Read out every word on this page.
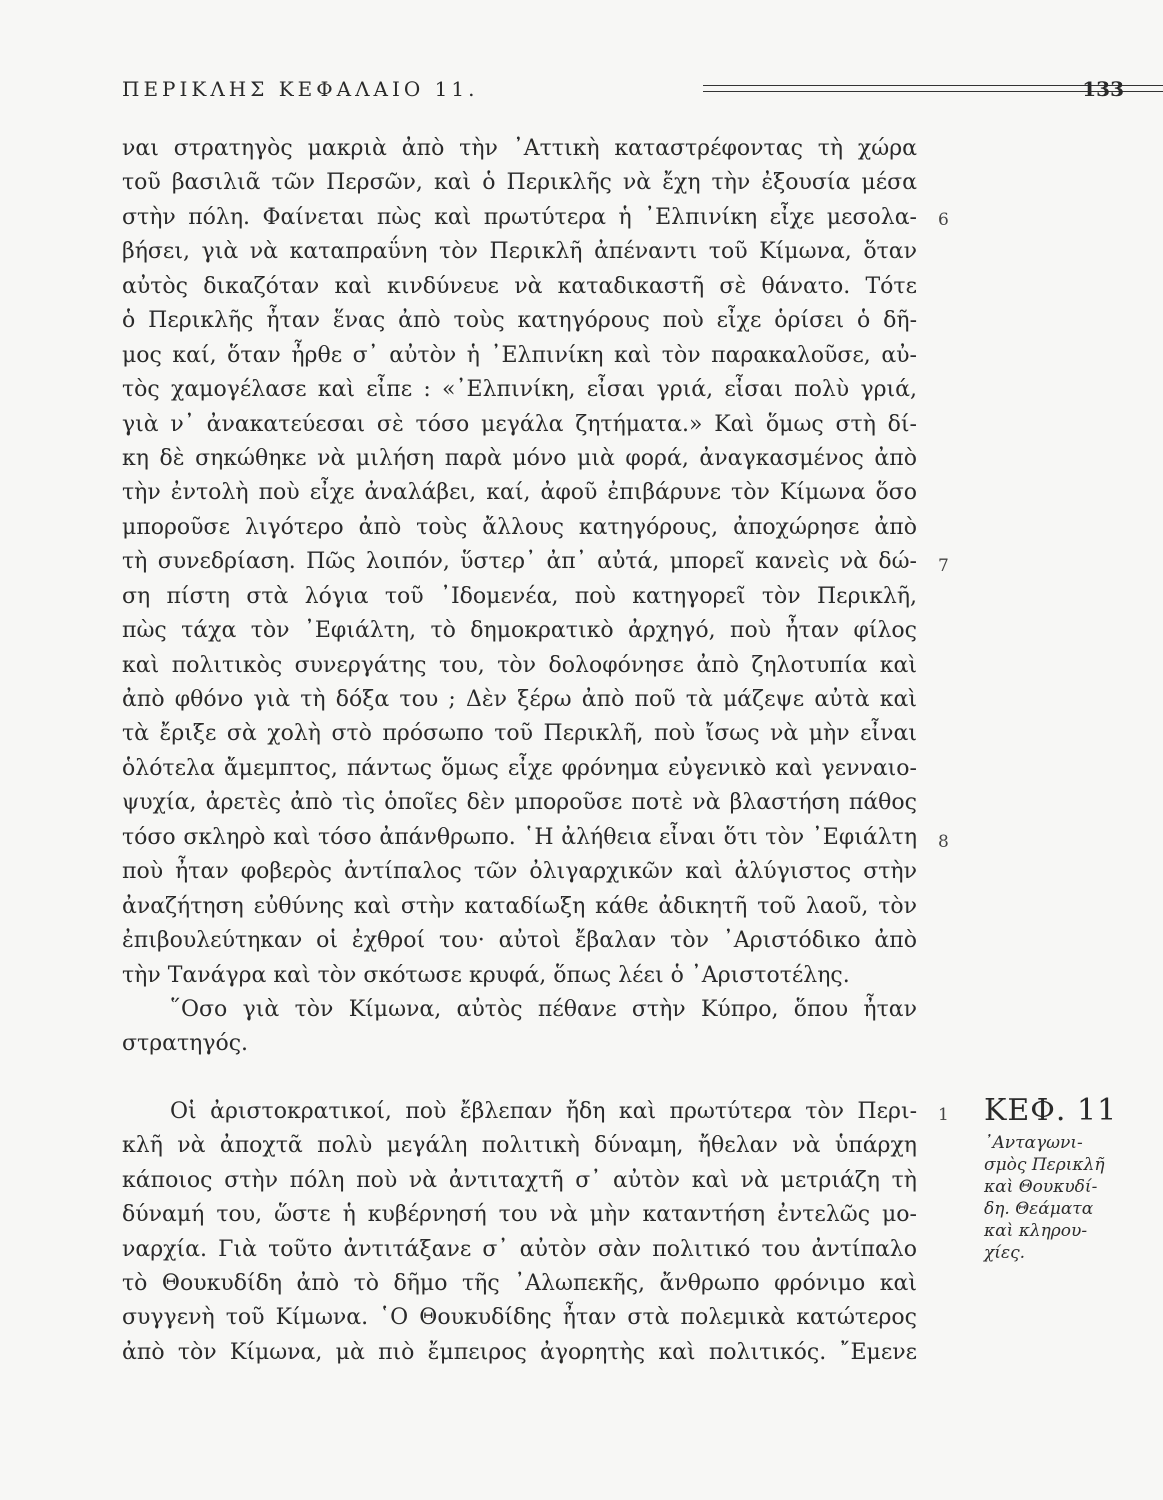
ΠΕΡΙΚΛΗΣ ΚΕΦΑΛΑΙΟ 11.	133
ναι στρατηγὸς μακριὰ ἀπὸ τὴν ᾿Αττικὴ καταστρέφοντας τὴ χώρα
τοῦ βασιλιᾶ τῶν Περσῶν, καὶ ὁ Περικλῆς νὰ ἔχη τὴν ἐξουσία μέσα
στὴν πόλη. Φαίνεται πὼς καὶ πρωτύτερα ἡ ᾿Ελπινίκη εἶχε μεσολα-
βήσει, γιὰ νὰ καταπραΰνη τὸν Περικλῆ ἀπέναντι τοῦ Κίμωνα, ὅταν
αὐτὸς δικαζόταν καὶ κινδύνευε νὰ καταδικαστῆ σὲ θάνατο. Τότε
ὁ Περικλῆς ἦταν ἕνας ἀπὸ τοὺς κατηγόρους ποὺ εἶχε ὁρίσει ὁ δῆ-
μος καί, ὅταν ἦρθε σ᾿ αὐτὸν ἡ ᾿Ελπινίκη καὶ τὸν παρακαλοῦσε, αὐ-
τὸς χαμογέλασε καὶ εἶπε : «᾿Ελπινίκη, εἶσαι γριά, εἶσαι πολὺ γριά,
γιὰ ν᾿ ἀνακατεύεσαι σὲ τόσο μεγάλα ζητήματα.» Καὶ ὅμως στὴ δί-
κη δὲ σηκώθηκε νὰ μιλήση παρὰ μόνο μιὰ φορά, ἀναγκασμένος ἀπὸ
τὴν ἐντολὴ ποὺ εἶχε ἀναλάβει, καί, ἀφοῦ ἐπιβάρυνε τὸν Κίμωνα ὅσο
μποροῦσε λιγότερο ἀπὸ τοὺς ἄλλους κατηγόρους, ἀποχώρησε ἀπὸ
τὴ συνεδρίαση. Πῶς λοιπόν, ὕστερ᾿ ἀπ᾿ αὐτά, μπορεῖ κανεὶς νὰ δώ-
ση πίστη στὰ λόγια τοῦ ᾿Ιδομενέα, ποὺ κατηγορεῖ τὸν Περικλῆ,
πὼς τάχα τὸν ᾿Εφιάλτη, τὸ δημοκρατικὸ ἀρχηγό, ποὺ ἦταν φίλος
καὶ πολιτικὸς συνεργάτης του, τὸν δολοφόνησε ἀπὸ ζηλοτυπία καὶ
ἀπὸ φθόνο γιὰ τὴ δόξα του ; Δὲν ξέρω ἀπὸ ποῦ τὰ μάζεψε αὐτὰ καὶ
τὰ ἔριξε σὰ χολὴ στὸ πρόσωπο τοῦ Περικλῆ, ποὺ ἴσως νὰ μὴν εἶναι
ὁλότελα ἄμεμπτος, πάντως ὅμως εἶχε φρόνημα εὐγενικὸ καὶ γενναιο-
ψυχία, ἀρετὲς ἀπὸ τὶς ὁποῖες δὲν μποροῦσε ποτὲ νὰ βλαστήση πάθος
τόσο σκληρὸ καὶ τόσο ἀπάνθρωπο. ῾Η ἀλήθεια εἶναι ὅτι τὸν ᾿Εφιάλτη
ποὺ ἦταν φοβερὸς ἀντίπαλος τῶν ὀλιγαρχικῶν καὶ ἀλύγιστος στὴν
ἀναζήτηση εὐθύνης καὶ στὴν καταδίωξη κάθε ἀδικητῆ τοῦ λαοῦ, τὸν
ἐπιβουλεύτηκαν οἱ ἐχθροί του· αὐτοὶ ἔβαλαν τὸν ᾿Αριστόδικο ἀπὸ
τὴν Τανάγρα καὶ τὸν σκότωσε κρυφά, ὅπως λέει ὁ ᾿Αριστοτέλης.
῞Οσο γιὰ τὸν Κίμωνα, αὐτὸς πέθανε στὴν Κύπρο, ὅπου ἦταν
στρατηγός.
Οἱ ἀριστοκρατικοί, ποὺ ἔβλεπαν ἤδη καὶ πρωτύτερα τὸν Περι-
κλῆ νὰ ἀποχτᾶ πολὺ μεγάλη πολιτικὴ δύναμη, ἤθελαν νὰ ὑπάρχη
κάποιος στὴν πόλη ποὺ νὰ ἀντιταχτῆ σ᾿ αὐτὸν καὶ νὰ μετριάζη τὴ
δύναμή του, ὥστε ἡ κυβέρνησή του νὰ μὴν καταντήση ἐντελῶς μο-
ναρχία. Γιὰ τοῦτο ἀντιτάξανε σ᾿ αὐτὸν σὰν πολιτικό του ἀντίπαλο
τὸ Θουκυδίδη ἀπὸ τὸ δῆμο τῆς ᾿Αλωπεκῆς, ἄνθρωπο φρόνιμο καὶ
συγγενὴ τοῦ Κίμωνα. ῾Ο Θουκυδίδης ἦταν στὰ πολεμικὰ κατώτερος
ἀπὸ τὸν Κίμωνα, μὰ πιὸ ἔμπειρος ἀγορητὴς καὶ πολιτικός. ῎Εμενε
6
7
8
1 ΚΕΦ. 11
᾿Ανταγωνι-
σμὸς Περικλῆ
καὶ Θουκυδί-
δη. Θεάματα
καὶ κληρου-
χίες.
